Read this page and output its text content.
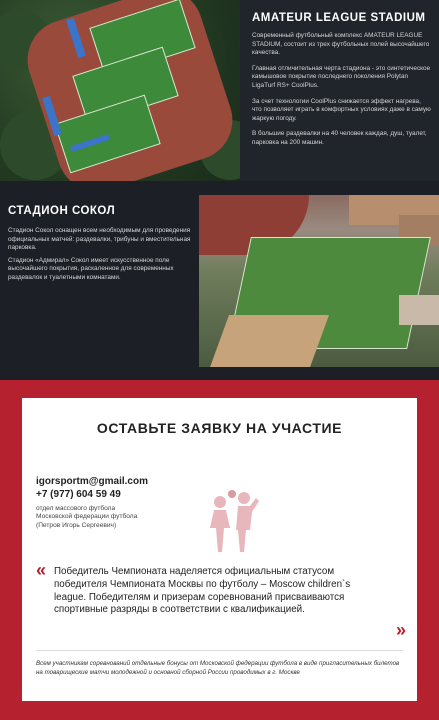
AMATEUR LEAGUE STADIUM

Современный футбольный комплекс AMATEUR LEAGUE STADIUM, состоит из трех футбольных полей высочайшего качества.

Главная отличительная черта стадиона - это синтетическое камышовое покрытие последнего поколения Polytan LigaTurf RS+ CoolPlus.

За счет технологии CoolPlus снижается эффект нагрева, что позволяет играть в комфортных условиях даже в самую жаркую погоду.

В большие раздевалки на 40 человек каждая, душ, туалет, парковка на 200 машин.

СТАДИОН СОКОЛ

Стадион Сокол оснащен всем необходимым для проведения официальных матчей: раздевалки, трибуны и вместительная парковка.

Стадион «Адмирал» Сокол имеет искусственное поле высочайшего покрытия, раскаленное для современных раздевалок и туалетными комнатами.

ОСТАВЬТЕ ЗАЯВКУ НА УЧАСТИЕ
igorsportm@gmail.com
+7 (977) 604 59 49
отдел массового футбола
Московской федерации футбола
(Петров Игорь Сергеевич)
« Победитель Чемпионата наделяется официальным статусом победителя Чемпионата Москвы по футболу – Moscow children`s league. Победителям и призерам соревнований присваиваются спортивные разряды в соответствии с квалификацией.

»

Всем участникам соревнований отдельные бонусы от Московской федерации футбола в виде пригласительных билетов на товарищеские матчи молодежной и основной сборной России проводимых в г. Москве
